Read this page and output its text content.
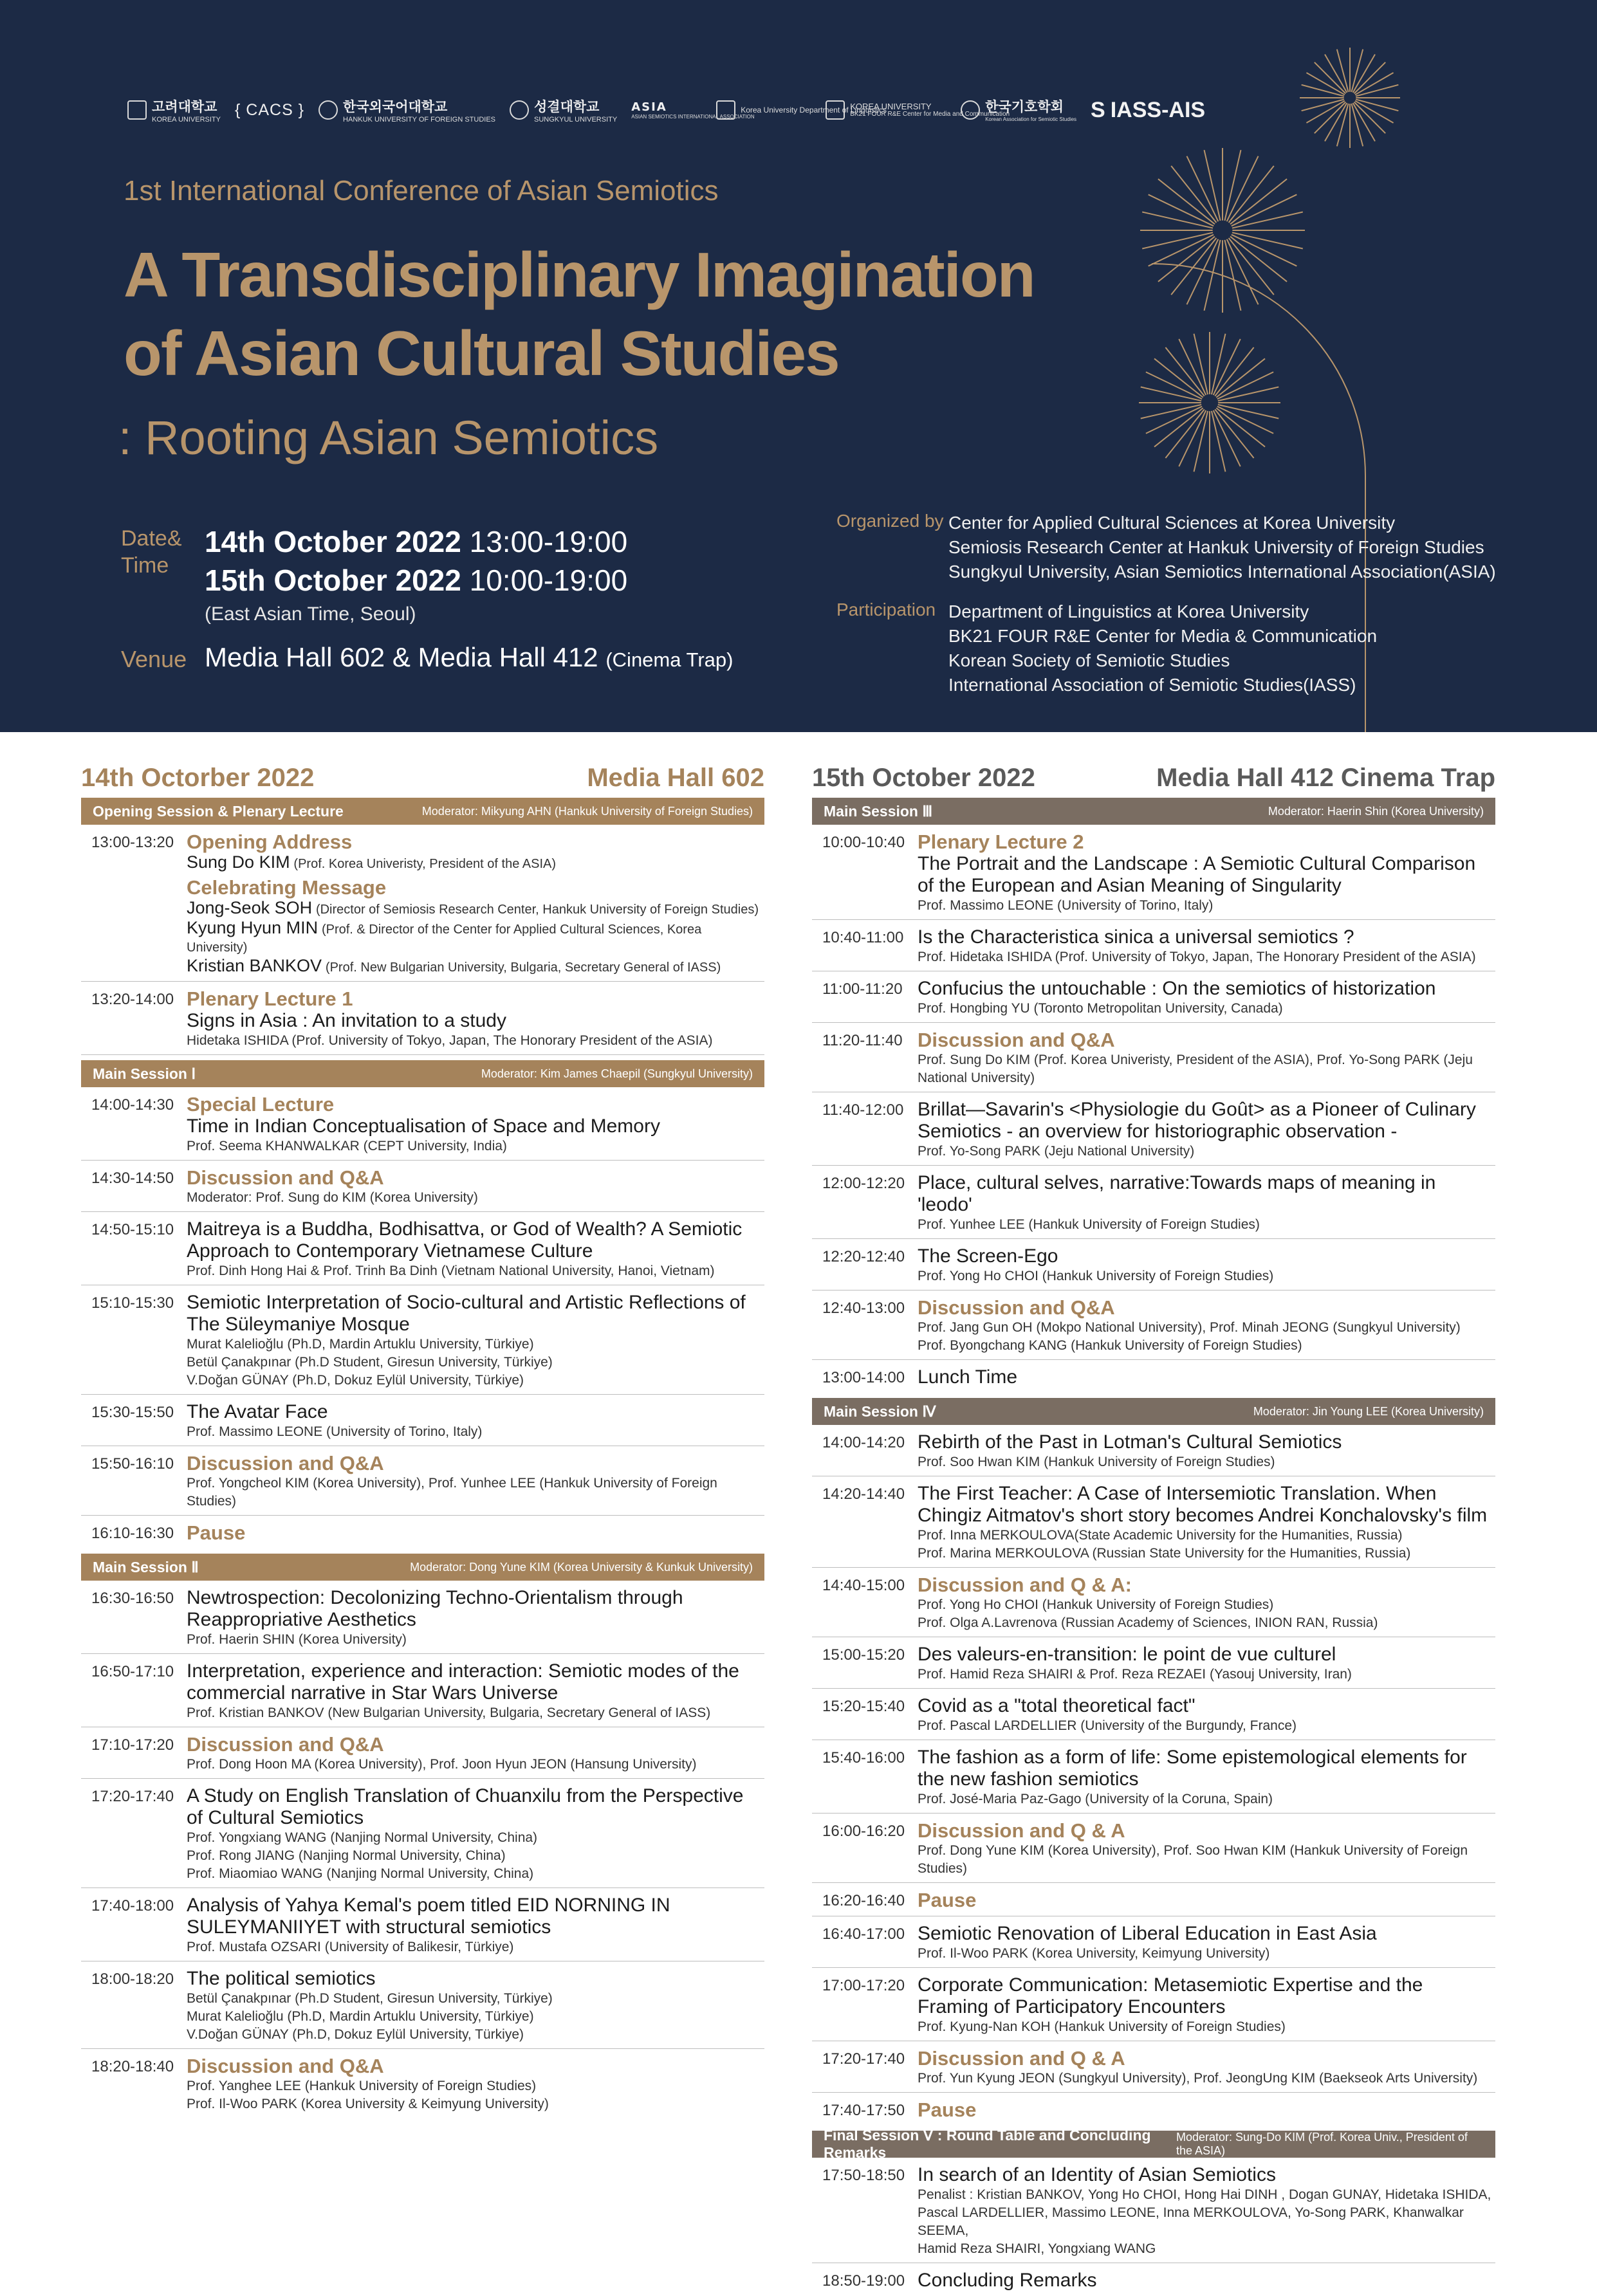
고려대학교
KOREA UNIVERSITY
{ CACS }	한국외국어대학교
HANKUK UNIVERSITY OF FOREIGN STUDIES
성결대학교
SUNGKYUL UNIVERSITY
ASIA
ASIAN SEMIOTICS INTERNATIONAL ASSOCIATION
Korea University Department of Linguistics
KOREA UNIVERSITY
BK21 FOUR R&E Center for Media and Communication
한국기호학회
Korean Association for Semiotic Studies S IASS-AIS
1st International Conference of Asian Semiotics
A Transdisciplinary Imagination
of Asian Cultural Studies
: Rooting Asian Semiotics
Date&
Time
14th October 2022 13:00-19:00
15th October 2022 10:00-19:00
(East Asian Time, Seoul)
Venue Media Hall 602 & Media Hall 412 (Cinema Trap)
Organized by Center for Applied Cultural Sciences at Korea University
Semiosis Research Center at Hankuk University of Foreign Studies
Sungkyul University, Asian Semiotics International Association(ASIA)
Participation Department of Linguistics at Korea University
BK21 FOUR R&E Center for Media & Communication
Korean Society of Semiotic Studies
International Association of Semiotic Studies(IASS)
14th Octorber 2022	Media Hall 602
Opening Session & Plenary Lecture	Moderator: Mikyung AHN (Hankuk University of Foreign Studies)
13:00-13:20 Opening Address
Sung Do KIM (Prof. Korea Univeristy, President of the ASIA)
Celebrating Message
Jong-Seok SOH (Director of Semiosis Research Center, Hankuk University of Foreign Studies)
Kyung Hyun MIN (Prof. & Director of the Center for Applied Cultural Sciences, Korea University)
Kristian BANKOV (Prof. New Bulgarian University, Bulgaria, Secretary General of IASS)
13:20-14:00 Plenary Lecture 1
Signs in Asia : An invitation to a study
Hidetaka ISHIDA (Prof. University of Tokyo, Japan, The Honorary President of the ASIA)
Main Session Ⅰ	Moderator: Kim James Chaepil (Sungkyul University)
14:00-14:30 Special Lecture
Time in Indian Conceptualisation of Space and Memory
Prof. Seema KHANWALKAR (CEPT University, India)
14:30-14:50 Discussion and Q&A
Moderator: Prof. Sung do KIM (Korea University)
14:50-15:10 Maitreya is a Buddha, Bodhisattva, or God of Wealth? A Semiotic Approach to Contemporary Vietnamese Culture
Prof. Dinh Hong Hai & Prof. Trinh Ba Dinh (Vietnam National University, Hanoi, Vietnam)
15:10-15:30 Semiotic Interpretation of Socio-cultural and Artistic Reflections of The Süleymaniye Mosque
Murat Kalelioğlu (Ph.D, Mardin Artuklu University, Türkiye)
Betül Çanakpınar (Ph.D Student, Giresun University, Türkiye)
V.Doğan GÜNAY (Ph.D, Dokuz Eylül University, Türkiye)
15:30-15:50 The Avatar Face
Prof. Massimo LEONE (University of Torino, Italy)
15:50-16:10 Discussion and Q&A
Prof. Yongcheol KIM (Korea University), Prof. Yunhee LEE (Hankuk University of Foreign Studies)
16:10-16:30 Pause
Main Session Ⅱ	Moderator: Dong Yune KIM (Korea University & Kunkuk University)
16:30-16:50 Newtrospection: Decolonizing Techno-Orientalism through Reappropriative Aesthetics
Prof. Haerin SHIN (Korea University)
16:50-17:10 Interpretation, experience and interaction: Semiotic modes of the commercial narrative in Star Wars Universe
Prof. Kristian BANKOV (New Bulgarian University, Bulgaria, Secretary General of IASS)
17:10-17:20 Discussion and Q&A
Prof. Dong Hoon MA (Korea University), Prof. Joon Hyun JEON (Hansung University)
17:20-17:40 A Study on English Translation of Chuanxilu from the Perspective of Cultural Semiotics
Prof. Yongxiang WANG (Nanjing Normal University, China)
Prof. Rong JIANG (Nanjing Normal University, China)
Prof. Miaomiao WANG (Nanjing Normal University, China)
17:40-18:00 Analysis of Yahya Kemal's poem titled EID NORNING IN SULEYMANIIYET with structural semiotics
Prof. Mustafa OZSARI (University of Balikesir, Türkiye)
18:00-18:20 The political semiotics
Betül Çanakpınar (Ph.D Student, Giresun University, Türkiye)
Murat Kalelioğlu (Ph.D, Mardin Artuklu University, Türkiye)
V.Doğan GÜNAY (Ph.D, Dokuz Eylül University, Türkiye)
18:20-18:40 Discussion and Q&A
Prof. Yanghee LEE (Hankuk University of Foreign Studies)
Prof. Il-Woo PARK (Korea University & Keimyung University)
15th October 2022	Media Hall 412 Cinema Trap
Main Session Ⅲ	Moderator: Haerin Shin (Korea University)
10:00-10:40 Plenary Lecture 2
The Portrait and the Landscape : A Semiotic Cultural Comparison of the European and Asian Meaning of Singularity
Prof. Massimo LEONE (University of Torino, Italy)
10:40-11:00 Is the Characteristica sinica a universal semiotics ?
Prof. Hidetaka ISHIDA (Prof. University of Tokyo, Japan, The Honorary President of the ASIA)
11:00-11:20 Confucius the untouchable : On the semiotics of historization
Prof. Hongbing YU (Toronto Metropolitan University, Canada)
11:20-11:40 Discussion and Q&A
Prof. Sung Do KIM (Prof. Korea Univeristy, President of the ASIA), Prof. Yo-Song PARK (Jeju National University)
11:40-12:00 Brillat—Savarin's <Physiologie du Goût> as a Pioneer of Culinary Semiotics - an overview for historiographic observation -
Prof. Yo-Song PARK (Jeju National University)
12:00-12:20 Place, cultural selves, narrative:Towards maps of meaning in 'leodo'
Prof. Yunhee LEE (Hankuk University of Foreign Studies)
12:20-12:40 The Screen-Ego
Prof. Yong Ho CHOI (Hankuk University of Foreign Studies)
12:40-13:00 Discussion and Q&A
Prof. Jang Gun OH (Mokpo National University), Prof. Minah JEONG (Sungkyul University)
Prof. Byongchang KANG (Hankuk University of Foreign Studies)
13:00-14:00 Lunch Time
Main Session Ⅳ	Moderator: Jin Young LEE (Korea University)
14:00-14:20 Rebirth of the Past in Lotman's Cultural Semiotics
Prof. Soo Hwan KIM (Hankuk University of Foreign Studies)
14:20-14:40 The First Teacher: A Case of Intersemiotic Translation. When Chingiz Aitmatov's short story becomes Andrei Konchalovsky's film
Prof. Inna MERKOULOVA(State Academic University for the Humanities, Russia)
Prof. Marina MERKOULOVA (Russian State University for the Humanities, Russia)
14:40-15:00 Discussion and Q & A:
Prof. Yong Ho CHOI (Hankuk University of Foreign Studies)
Prof. Olga A.Lavrenova (Russian Academy of Sciences, INION RAN, Russia)
15:00-15:20 Des valeurs-en-transition: le point de vue culturel
Prof. Hamid Reza SHAIRI & Prof. Reza REZAEI (Yasouj University, Iran)
15:20-15:40 Covid as a "total theoretical fact"
Prof. Pascal LARDELLIER (University of the Burgundy, France)
15:40-16:00 The fashion as a form of life: Some epistemological elements for the new fashion semiotics
Prof. José-Maria Paz-Gago (University of la Coruna, Spain)
16:00-16:20 Discussion and Q & A
Prof. Dong Yune KIM (Korea University), Prof. Soo Hwan KIM (Hankuk University of Foreign Studies)
16:20-16:40 Pause
16:40-17:00 Semiotic Renovation of Liberal Education in East Asia
Prof. Il-Woo PARK (Korea University, Keimyung University)
17:00-17:20 Corporate Communication: Metasemiotic Expertise and the Framing of Participatory Encounters
Prof. Kyung-Nan KOH (Hankuk University of Foreign Studies)
17:20-17:40 Discussion and Q & A
Prof. Yun Kyung JEON (Sungkyul University), Prof. JeongUng KIM (Baekseok Arts University)
17:40-17:50 Pause
Final Session Ⅴ : Round Table and Concluding Remarks
Moderator: Sung-Do KIM (Prof. Korea Univ., President of the ASIA)
17:50-18:50 In search of an Identity of Asian Semiotics
Penalist : Kristian BANKOV, Yong Ho CHOI, Hong Hai DINH , Dogan GUNAY, Hidetaka ISHIDA,
Pascal LARDELLIER, Massimo LEONE, Inna MERKOULOVA, Yo-Song PARK, Khanwalkar SEEMA,
Hamid Reza SHAIRI, Yongxiang WANG
18:50-19:00 Concluding Remarks
